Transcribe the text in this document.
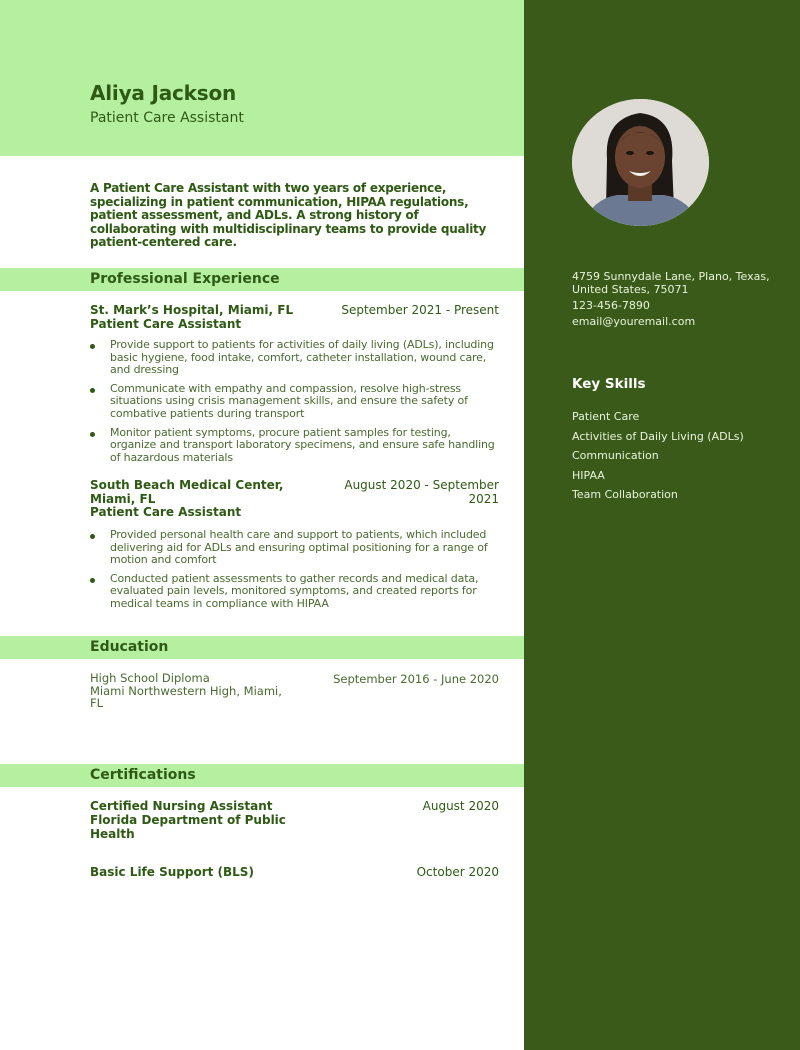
Aliya Jackson
Patient Care Assistant
A Patient Care Assistant with two years of experience, specializing in patient communication, HIPAA regulations, patient assessment, and ADLs. A strong history of collaborating with multidisciplinary teams to provide quality patient-centered care.
Professional Experience
St. Mark’s Hospital, Miami, FL
Patient Care Assistant
September 2021 - Present
Provide support to patients for activities of daily living (ADLs), including basic hygiene, food intake, comfort, catheter installation, wound care, and dressing
Communicate with empathy and compassion, resolve high-stress situations using crisis management skills, and ensure the safety of combative patients during transport
Monitor patient symptoms, procure patient samples for testing, organize and transport laboratory specimens, and ensure safe handling of hazardous materials
South Beach Medical Center, Miami, FL
Patient Care Assistant
August 2020 - September 2021
Provided personal health care and support to patients, which included delivering aid for ADLs and ensuring optimal positioning for a range of motion and comfort
Conducted patient assessments to gather records and medical data, evaluated pain levels, monitored symptoms, and created reports for medical teams in compliance with HIPAA
Education
High School Diploma
Miami Northwestern High, Miami, FL
September 2016 - June 2020
Certifications
Certified Nursing Assistant Florida Department of Public Health
August 2020
Basic Life Support (BLS)	October 2020
4759 Sunnydale Lane, Plano, Texas, United States, 75071
123-456-7890
email@youremail.com
Key Skills
Patient Care
Activities of Daily Living (ADLs)
Communication
HIPAA
Team Collaboration
